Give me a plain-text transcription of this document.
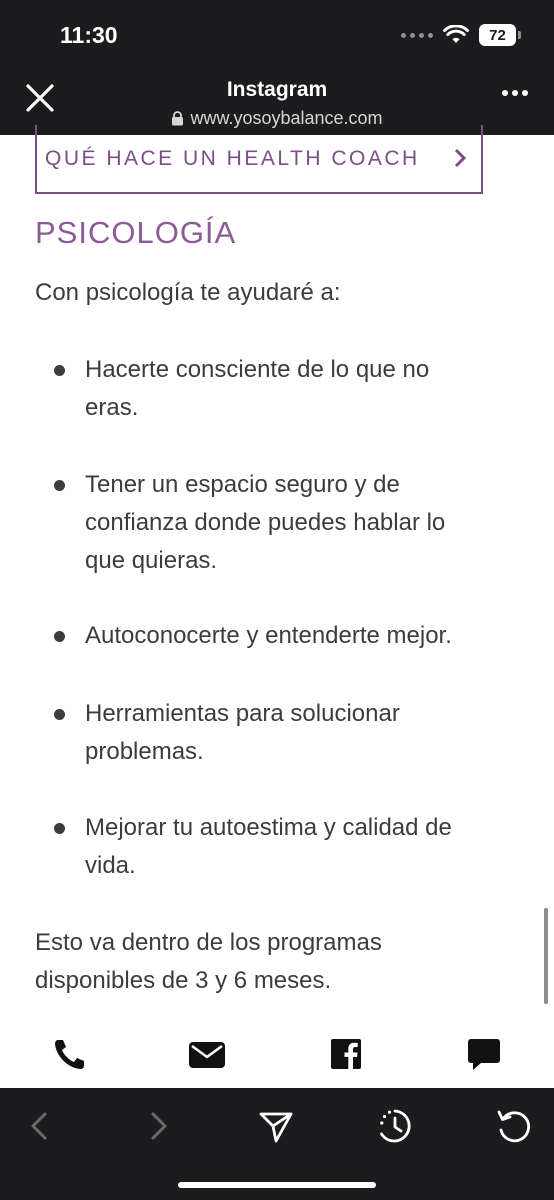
11:30	72
Instagram
www.yosoybalance.com
QUÉ HACE UN HEALTH COACH
PSICOLOGÍA
Con psicología te ayudaré a:
Hacerte consciente de lo que no
eras.
Tener un espacio seguro y de
confianza donde puedes hablar lo
que quieras.
Autoconocerte y entenderte mejor.
Herramientas para solucionar
problemas.
Mejorar tu autoestima y calidad de
vida.
Esto va dentro de los programas
disponibles de 3 y 6 meses.
